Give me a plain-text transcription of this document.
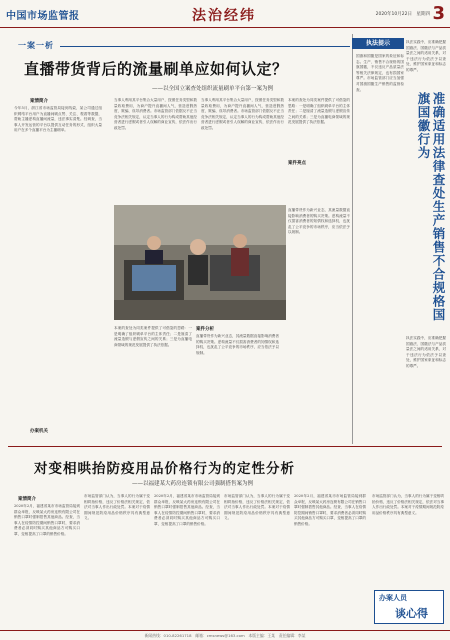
中国市场监管报	法治经纬	2020年10月22日　星期四 3
一案一析
直播带货背后的流量刷单应如何认定？
——以全国立案查处组织流量刷单平台第一案为例
案情简介
今年5月，浙江省市场监管局接到线索，某公司通过组织网络平台用户为直播间刷点赞、关注、观看等数据，帮助主播虚构直播间流量，违法事实清楚。经调查，当事人开发运营的平台以提供互动任务的形式，组织大量用户在多个直播平台为主播刷单。
办案机关
当事人利用其平台集合大量用户，按照任务类型和数量收取费用，为商户提升直播间人气，营造虚假热度，欺骗、误导消费者。市场监管部门依据反不正当竞争法相关规定，认定当事人的行为构成帮助其他经营者进行虚假或者引人误解的商业宣传，依法作出行政处罚。
当事人利用其平台集合大量用户，按照任务类型和数量收取费用，为商户提升直播间人气，营造虚假热度，欺骗、误导消费者。市场监管部门依据反不正当竞争法相关规定，认定当事人的行为构成帮助其他经营者进行虚假或者引人误解的商业宣传，依法作出行政处罚。
本案的查处为同类案件提供了可借鉴的思路：一是明确了组织刷单平台的主体责任；二是厘清了流量造假与虚假宣传之间的关系；三是为直播电商领域的规范发展提供了执法依据。
案件分析
本案的查处为同类案件提供了可借鉴的思路：一是明确了组织刷单平台的主体责任；二是厘清了流量造假与虚假宣传之间的关系；三是为直播电商领域的规范发展提供了执法依据。
直播带货作为新兴业态，其流量数据直接影响消费者的购买决策。虚构流量不仅损害消费者的知情权和选择权，也扰乱了公平竞争的市场秩序，应当依法予以规制。
案件亮点
直播带货作为新兴业态，其流量数据直接影响消费者的购买决策。虚构流量不仅损害消费者的知情权和选择权，也扰乱了公平竞争的市场秩序，应当依法予以规制。
执法提示
国旗和国徽是国家的象征和标志。生产、销售不合规格的国旗国徽，不仅违反产品质量法等相关法律规定，也有损国家尊严。市场监管部门应当加强对国旗国徽生产销售的监督检查。
执法实践中，应准确把握国旗法、国徽法与产品质量法之间的适用关系，对于违法行为依法予以查处，维护国家象征和标志的尊严。
准确适用法律查处生产销售不合规格国旗国徽行为
执法实践中，应准确把握国旗法、国徽法与产品质量法之间的适用关系，对于违法行为依法予以查处，维护国家象征和标志的尊严。
对变相哄抬防疫用品价格行为的定性分析
——以福建某大药房连锁有限公司强制搭售案为例
案情简介
2020年2月，福建省某市市场监管局接到群众举报，反映某大药房连锁有限公司在销售口罩时强制搭售其他商品。经查，当事人在疫情防控期间销售口罩时，要求消费者必须同时购买其他商品方可购买口罩，变相提高了口罩的销售价格。
市场监管部门认为，当事人的行为属于变相哄抬价格，违反了价格法相关规定，依法对当事人作出行政处罚。本案对于疫情期间规范防疫用品价格秩序具有典型意义。
2020年2月，福建省某市市场监管局接到群众举报，反映某大药房连锁有限公司在销售口罩时强制搭售其他商品。经查，当事人在疫情防控期间销售口罩时，要求消费者必须同时购买其他商品方可购买口罩，变相提高了口罩的销售价格。
市场监管部门认为，当事人的行为属于变相哄抬价格，违反了价格法相关规定，依法对当事人作出行政处罚。本案对于疫情期间规范防疫用品价格秩序具有典型意义。
2020年2月，福建省某市市场监管局接到群众举报，反映某大药房连锁有限公司在销售口罩时强制搭售其他商品。经查，当事人在疫情防控期间销售口罩时，要求消费者必须同时购买其他商品方可购买口罩，变相提高了口罩的销售价格。
市场监管部门认为，当事人的行为属于变相哄抬价格，违反了价格法相关规定，依法对当事人作出行政处罚。本案对于疫情期间规范防疫用品价格秩序具有典型意义。
办案人员
谈心得
新闻热线：010-82261718　邮箱：cmsnews@163.com　本版主编：王某　责任编辑：李某
